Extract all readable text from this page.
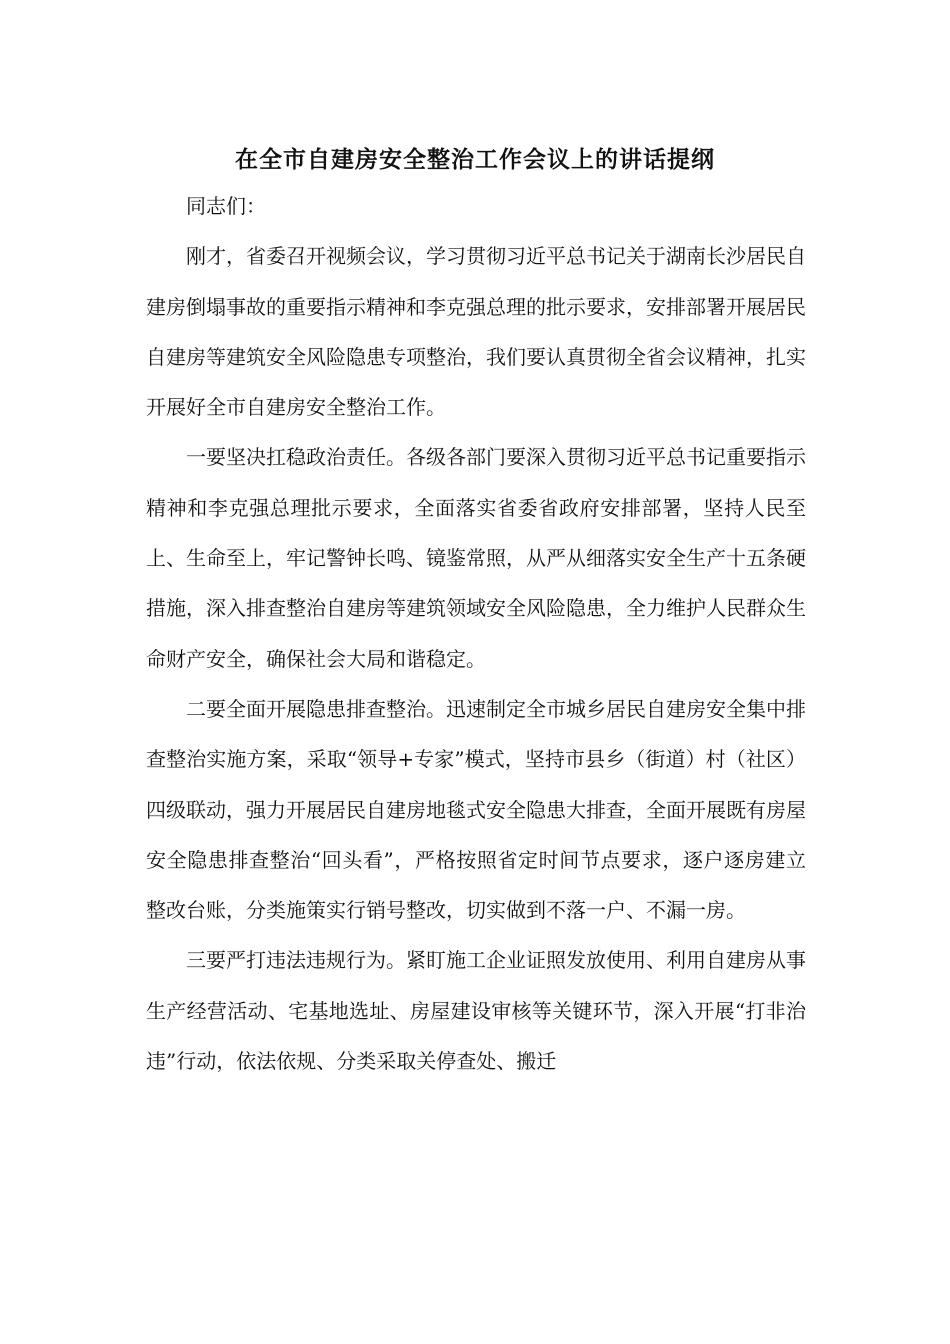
在全市自建房安全整治工作会议上的讲话提纲

同志们：

刚才，省委召开视频会议，学习贯彻习近平总书记关于湖南长沙居民自建房倒塌事故的重要指示精神和李克强总理的批示要求，安排部署开展居民自建房等建筑安全风险隐患专项整治，我们要认真贯彻全省会议精神，扎实开展好全市自建房安全整治工作。

一要坚决扛稳政治责任。各级各部门要深入贯彻习近平总书记重要指示精神和李克强总理批示要求，全面落实省委省政府安排部署，坚持人民至上、生命至上，牢记警钟长鸣、镜鉴常照，从严从细落实安全生产十五条硬措施，深入排查整治自建房等建筑领域安全风险隐患，全力维护人民群众生命财产安全，确保社会大局和谐稳定。

二要全面开展隐患排查整治。迅速制定全市城乡居民自建房安全集中排查整治实施方案，采取“领导+专家”模式，坚持市县乡（街道）村（社区）四级联动，强力开展居民自建房地毯式安全隐患大排查，全面开展既有房屋安全隐患排查整治“回头看”，严格按照省定时间节点要求，逐户逐房建立整改台账，分类施策实行销号整改，切实做到不落一户、不漏一房。

三要严打违法违规行为。紧盯施工企业证照发放使用、利用自建房从事生产经营活动、宅基地选址、房屋建设审核等关键环节，深入开展“打非治违”行动，依法依规、分类采取关停查处、搬迁
